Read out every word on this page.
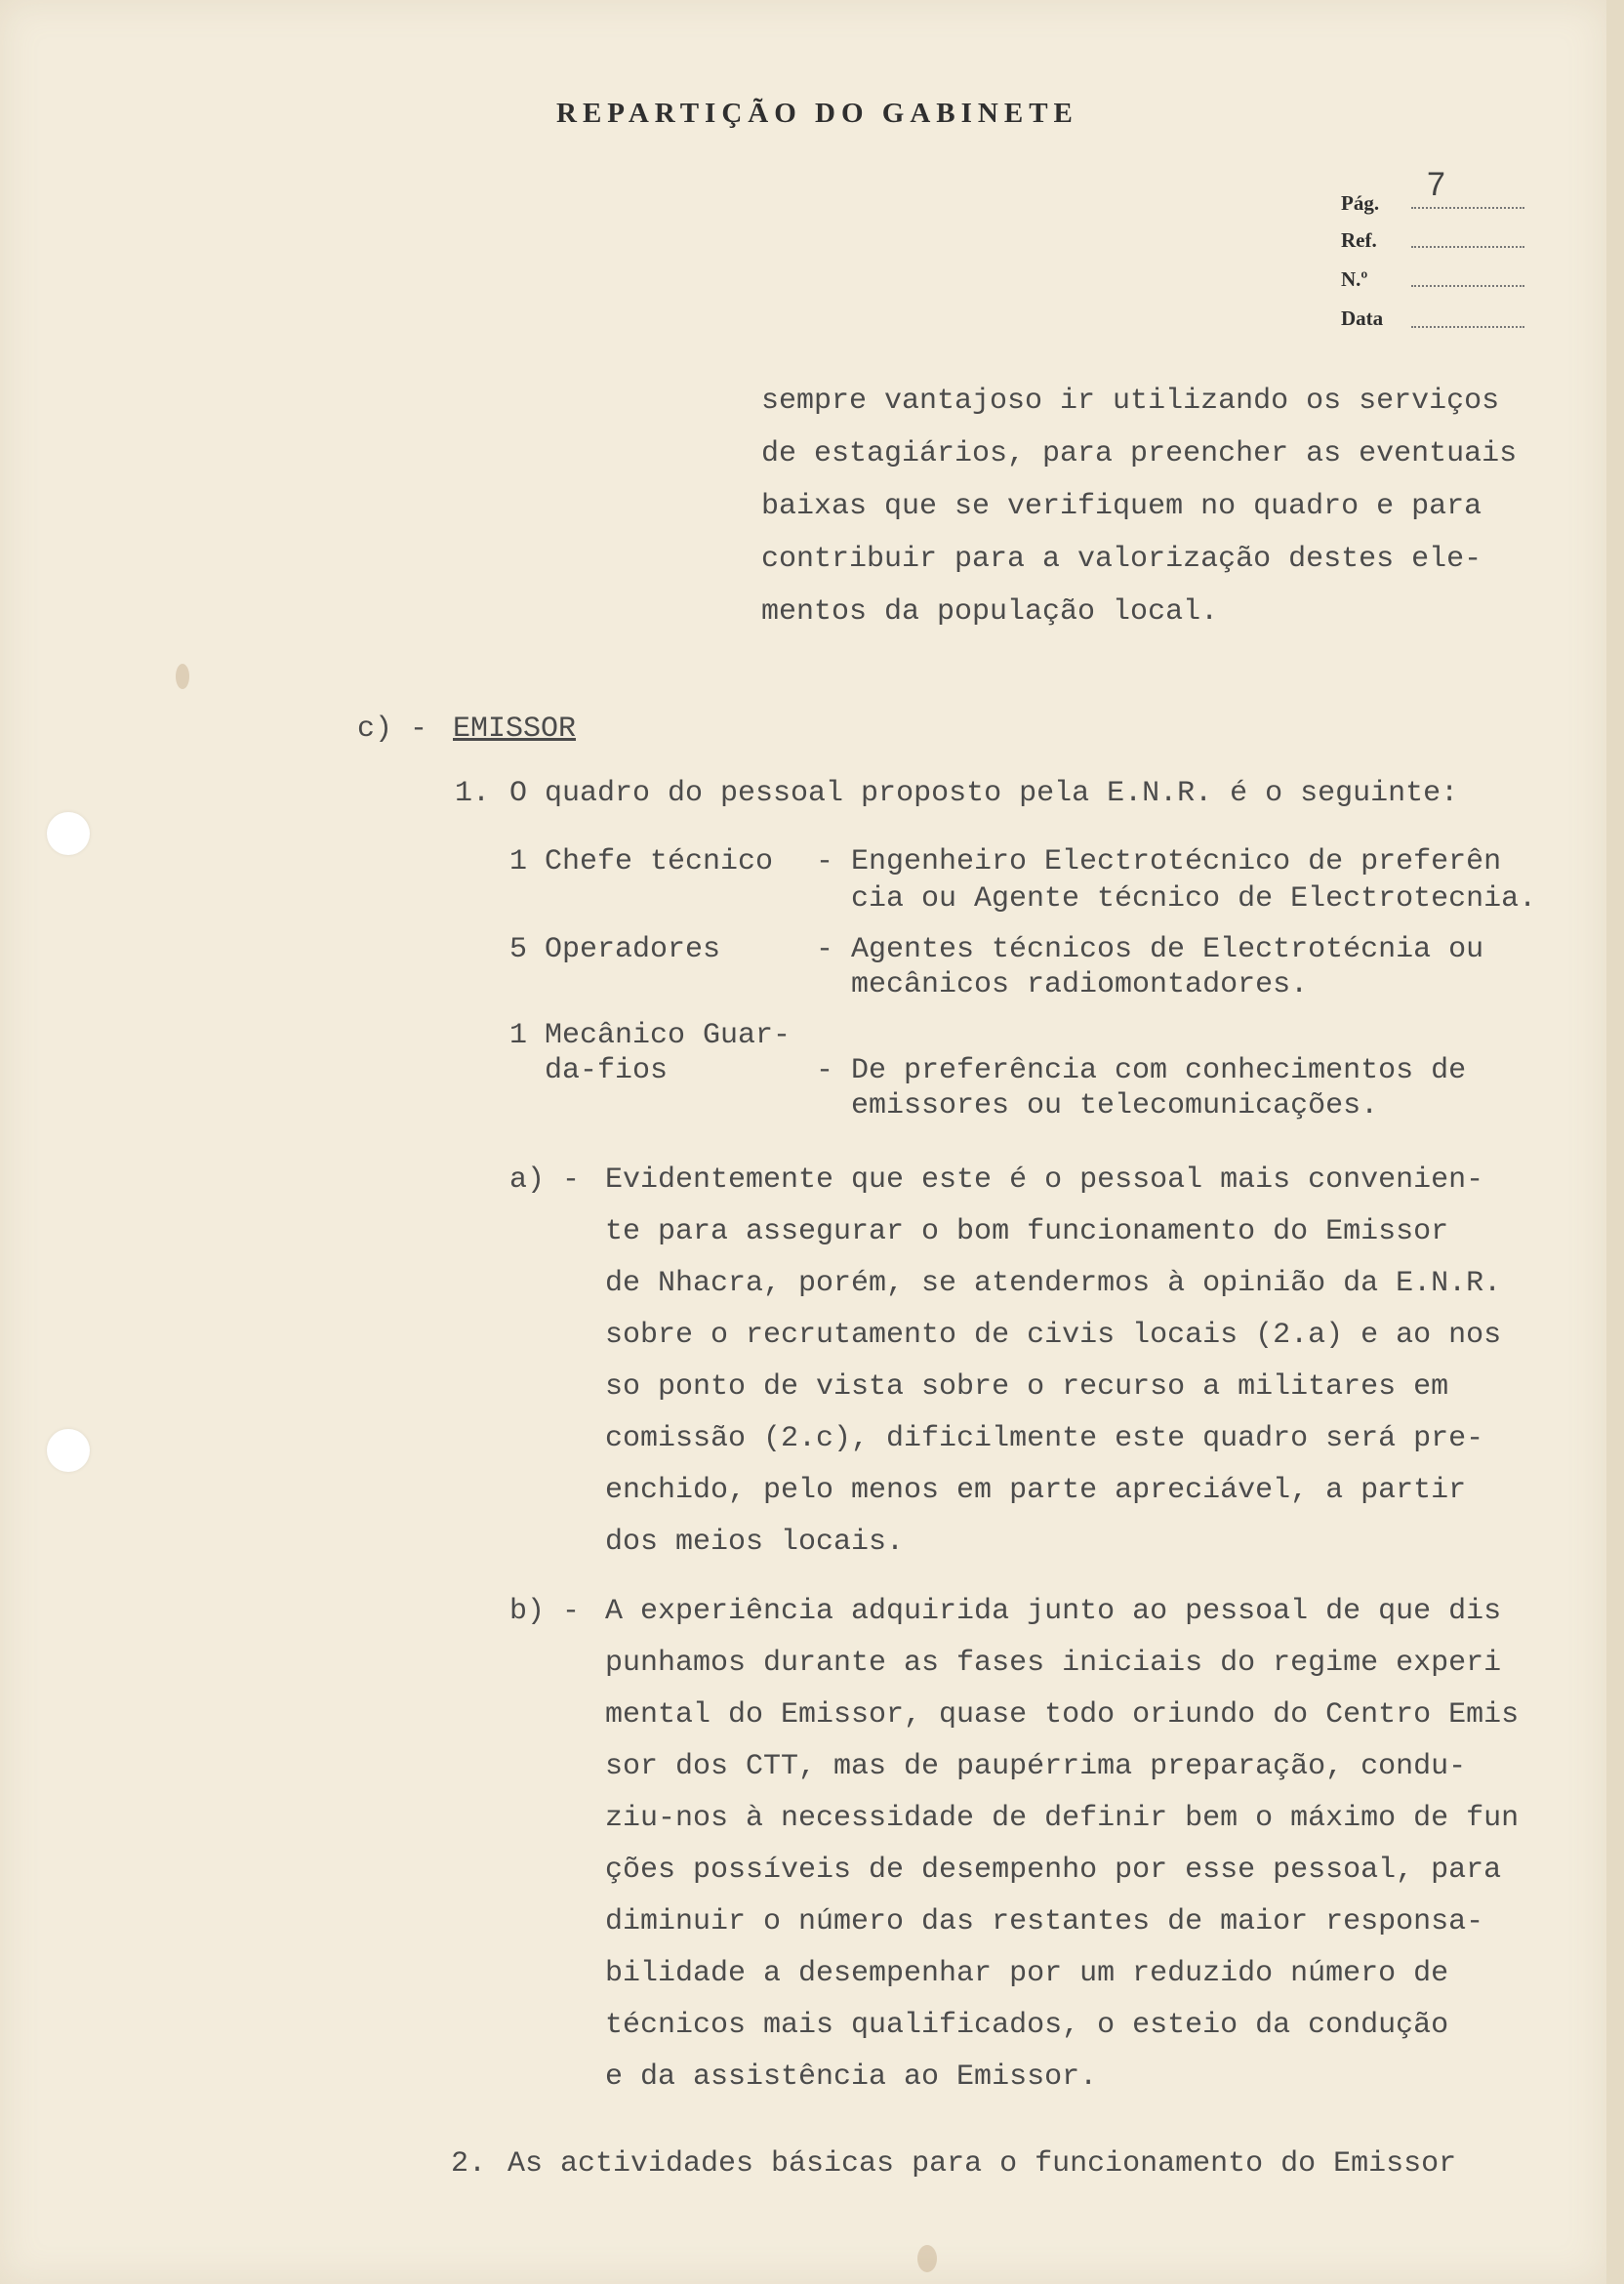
REPARTIÇÃO DO GABINETE
Pág. 7
Ref.
N.º
Data
sempre vantajoso ir utilizando os serviços
de estagiários, para preencher as eventuais
baixas que se verifiquem no quadro e para
contribuir para a valorização destes ele-
mentos da população local.
c) - EMISSOR
1. O quadro do pessoal proposto pela E.N.R. é o seguinte:
1 Chefe técnico - Engenheiro Electrotécnico de preferên
cia ou Agente técnico de Electrotecnia.
5 Operadores	- Agentes técnicos de Electrotécnia ou
mecânicos radiomontadores.
1 Mecânico Guar-
da-fios	- De preferência com conhecimentos de
emissores ou telecomunicações.
a) - Evidentemente que este é o pessoal mais convenien-
te para assegurar o bom funcionamento do Emissor
de Nhacra, porém, se atendermos à opinião da E.N.R.
sobre o recrutamento de civis locais (2.a) e ao nos
so ponto de vista sobre o recurso a militares em
comissão (2.c), dificilmente este quadro será pre-
enchido, pelo menos em parte apreciável, a partir
dos meios locais.
b) - A experiência adquirida junto ao pessoal de que dis
punhamos durante as fases iniciais do regime experi
mental do Emissor, quase todo oriundo do Centro Emis
sor dos CTT, mas de paupérrima preparação, condu-
ziu-nos à necessidade de definir bem o máximo de fun
ções possíveis de desempenho por esse pessoal, para
diminuir o número das restantes de maior responsa-
bilidade a desempenhar por um reduzido número de
técnicos mais qualificados, o esteio da condução
e da assistência ao Emissor.
2. As actividades básicas para o funcionamento do Emissor
